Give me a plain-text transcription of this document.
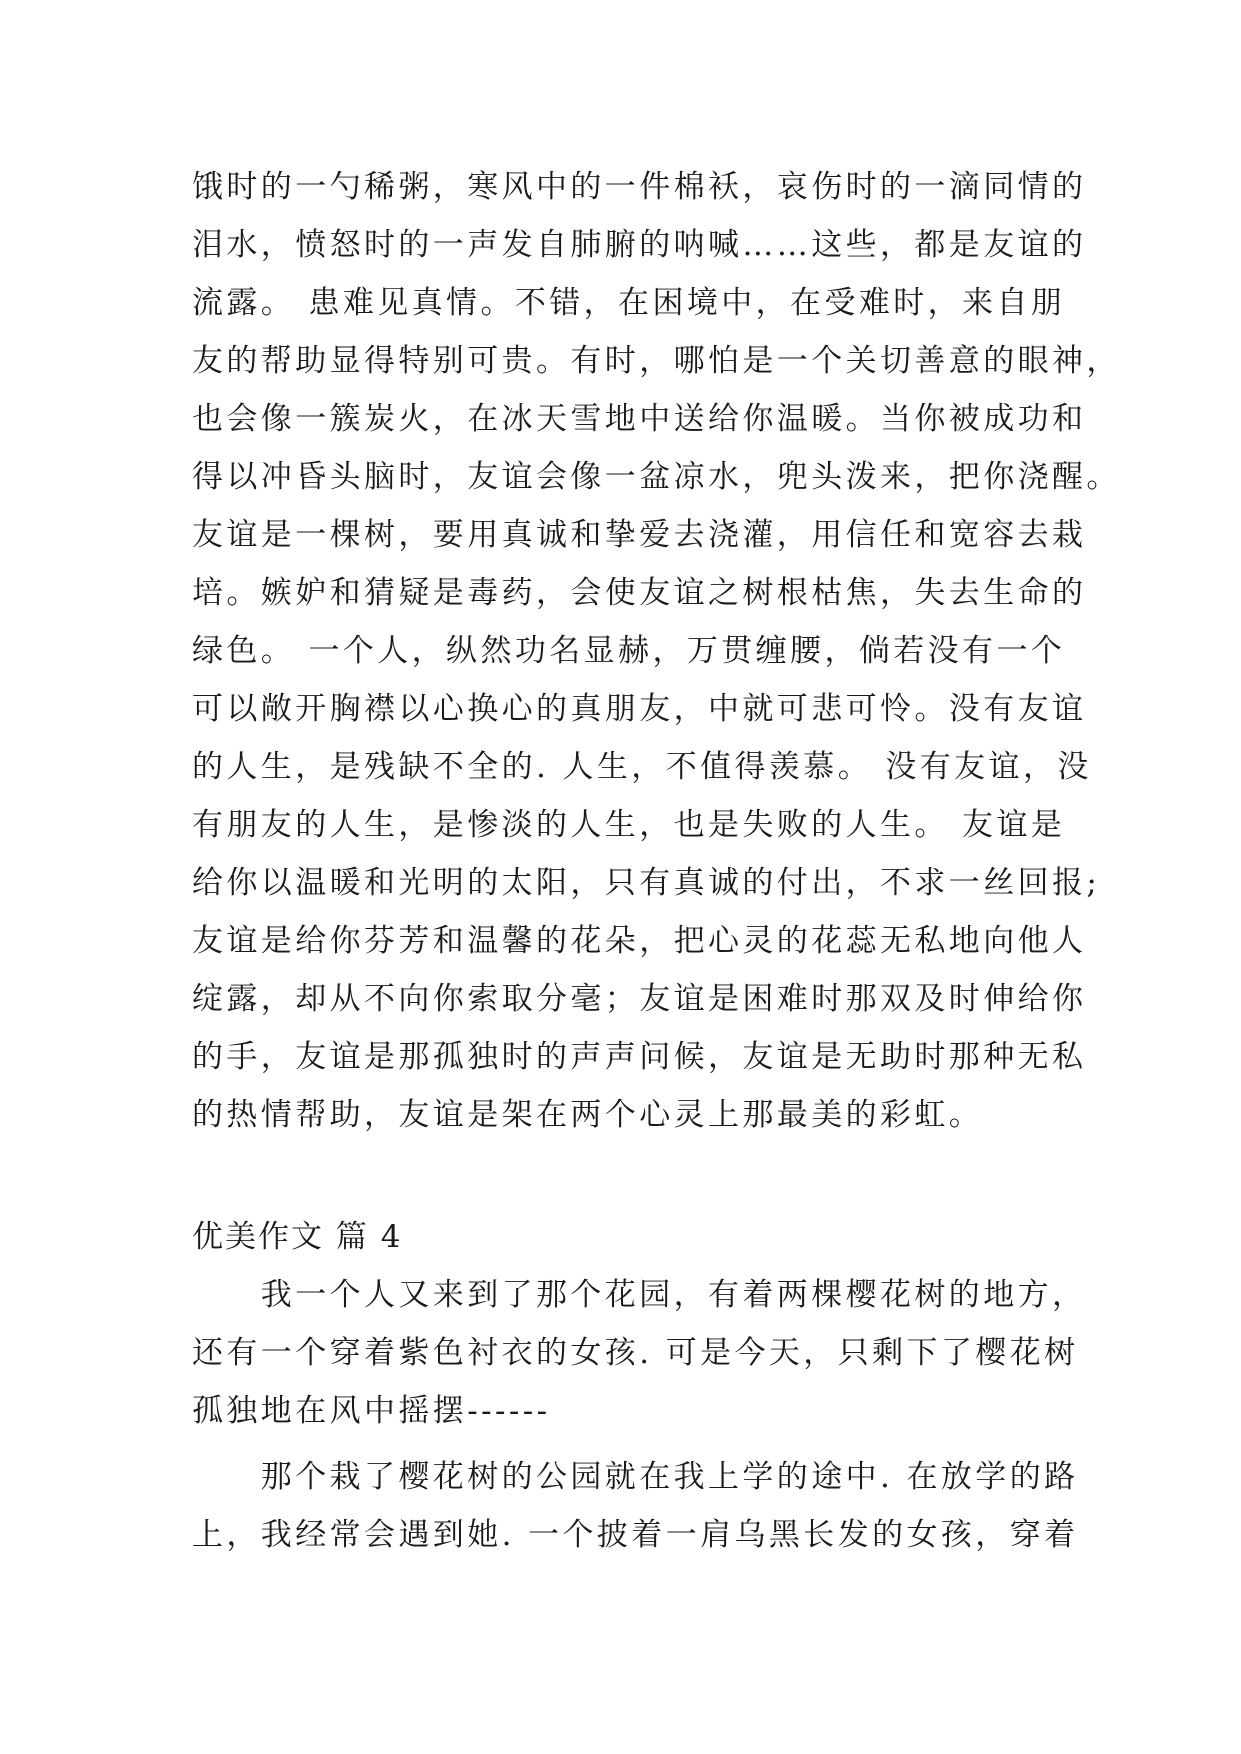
饿时的一勺稀粥，寒风中的一件棉袄，哀伤时的一滴同情的
泪水，愤怒时的一声发自肺腑的呐喊……这些，都是友谊的
流露。 患难见真情。不错，在困境中，在受难时，来自朋
友的帮助显得特别可贵。有时，哪怕是一个关切善意的眼神，
也会像一簇炭火，在冰天雪地中送给你温暖。当你被成功和
得以冲昏头脑时，友谊会像一盆凉水，兜头泼来，把你浇醒。
友谊是一棵树，要用真诚和挚爱去浇灌，用信任和宽容去栽
培。嫉妒和猜疑是毒药，会使友谊之树根枯焦，失去生命的
绿色。 一个人，纵然功名显赫，万贯缠腰，倘若没有一个
可以敞开胸襟以心换心的真朋友，中就可悲可怜。没有友谊
的人生，是残缺不全的. 人生，不值得羡慕。 没有友谊，没
有朋友的人生，是惨淡的人生，也是失败的人生。 友谊是
给你以温暖和光明的太阳，只有真诚的付出，不求一丝回报;
友谊是给你芬芳和温馨的花朵，把心灵的花蕊无私地向他人
绽露，却从不向你索取分毫；友谊是困难时那双及时伸给你
的手，友谊是那孤独时的声声问候，友谊是无助时那种无私
的热情帮助，友谊是架在两个心灵上那最美的彩虹。
优美作文 篇 4
　　我一个人又来到了那个花园，有着两棵樱花树的地方，
还有一个穿着紫色衬衣的女孩. 可是今天，只剩下了樱花树
孤独地在风中摇摆------
　　那个栽了樱花树的公园就在我上学的途中. 在放学的路
上，我经常会遇到她. 一个披着一肩乌黑长发的女孩，穿着
